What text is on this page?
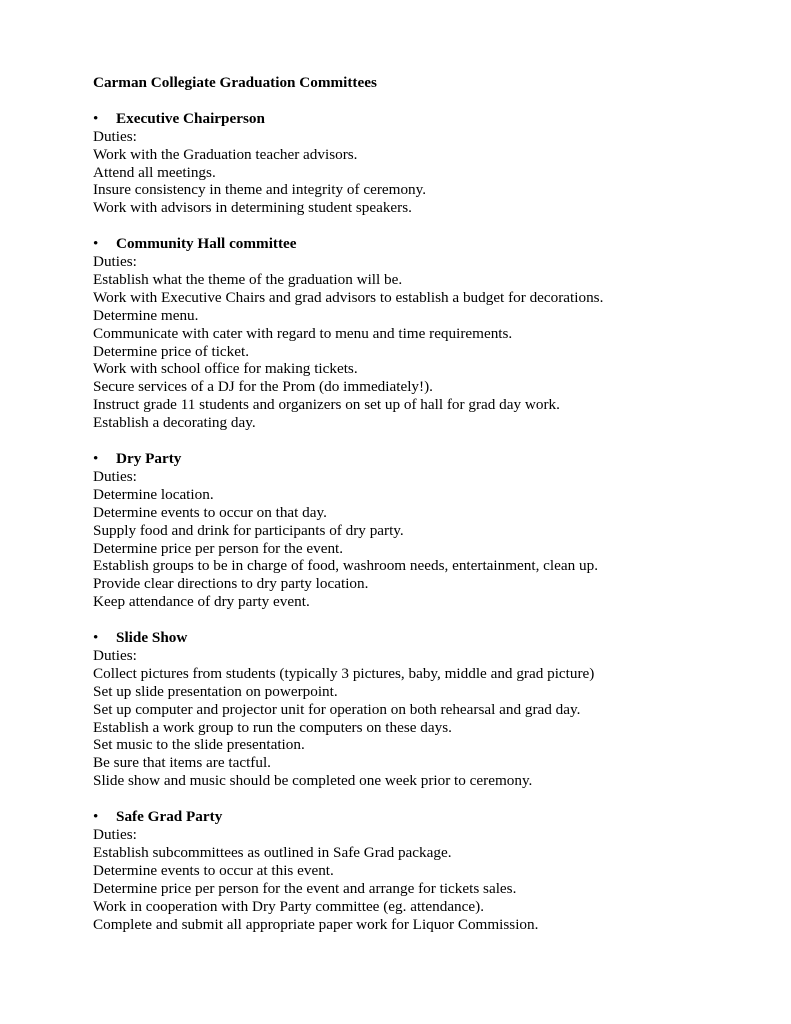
Carman Collegiate Graduation Committees
• Executive Chairperson
Duties:
Work with the Graduation teacher advisors.
Attend all meetings.
Insure consistency in theme and integrity of ceremony.
Work with advisors in determining student speakers.
• Community Hall committee
Duties:
Establish what the theme of the graduation will be.
Work with Executive Chairs and grad advisors to establish a budget for decorations.
Determine menu.
Communicate with cater with regard to menu and time requirements.
Determine price of ticket.
Work with school office for making tickets.
Secure services of a DJ for the Prom (do immediately!).
Instruct grade 11 students and organizers on set up of hall for grad day work.
Establish a decorating day.
• Dry Party
Duties:
Determine location.
Determine events to occur on that day.
Supply food and drink for participants of dry party.
Determine price per person for the event.
Establish groups to be in charge of food, washroom needs, entertainment, clean up.
Provide clear directions to dry party location.
Keep attendance of dry party event.
• Slide Show
Duties:
Collect pictures from students (typically 3 pictures, baby, middle and grad picture)
Set up slide presentation on powerpoint.
Set up computer and projector unit for operation on both rehearsal and grad day.
Establish a work group to run the computers on these days.
Set music to the slide presentation.
Be sure that items are tactful.
Slide show and music should be completed one week prior to ceremony.
• Safe Grad Party
Duties:
Establish subcommittees as outlined in Safe Grad package.
Determine events to occur at this event.
Determine price per person for the event and arrange for tickets sales.
Work in cooperation with Dry Party committee (eg. attendance).
Complete and submit all appropriate paper work for Liquor Commission.
